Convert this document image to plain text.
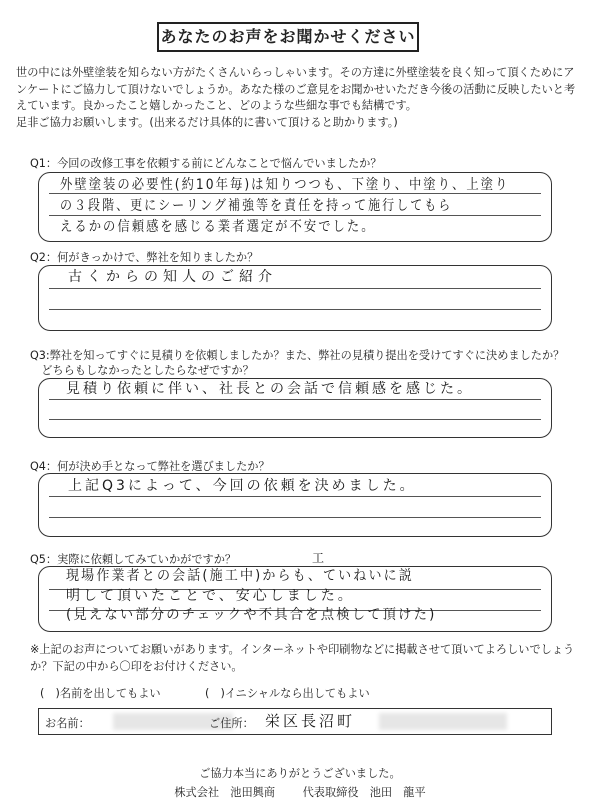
あなたのお声をお聞かせください
世の中には外壁塗装を知らない方がたくさんいらっしゃいます。その方達に外壁塗装を良く知って頂くためにア
ンケートにご協力して頂けないでしょうか。あなた様のご意見をお聞かせいただき今後の活動に反映したいと考
えています。良かったこと嬉しかったこと、どのような些細な事でも結構です。
足非ご協力お願いします。(出来るだけ具体的に書いて頂けると助かります。)
Q1：今回の改修工事を依頼する前にどんなことで悩んでいましたか？
外壁塗装の必要性(約10年毎)は知りつつも、下塗り、中塗り、上塗り
の３段階、更にシーリング補強等を責任を持って施行してもら
えるかの信頼感を感じる業者選定が不安でした。
Q2：何がきっかけで、弊社を知りましたか？
古くからの知人のご紹介
Q3:弊社を知ってすぐに見積りを依頼しましたか？また、弊社の見積り提出を受けてすぐに決めましたか？
　どちらもしなかったとしたらなぜですか？
見積り依頼に伴い、社長との会話で信頼感を感じた。
Q4：何が決め手となって弊社を選びましたか？
上記Q3によって、今回の依頼を決めました。
Q5：実際に依頼してみていかがですか？	工
現場作業者との会話(施工中)からも、ていねいに説
明して頂いたことで、安心しました。
(見えない部分のチェックや不具合を点検して頂けた)
※上記のお声についてお願いがあります。インターネットや印刷物などに掲載させて頂いてよろしいでしょう
か？下記の中から〇印をお付けください。
(　)名前を出してもよい	(　)イニシャルなら出してもよい
お名前：	ご住所： 栄区長沼町
ご協力本当にありがとうございました。
株式会社　池田興商 代表取締役　池田　龍平
